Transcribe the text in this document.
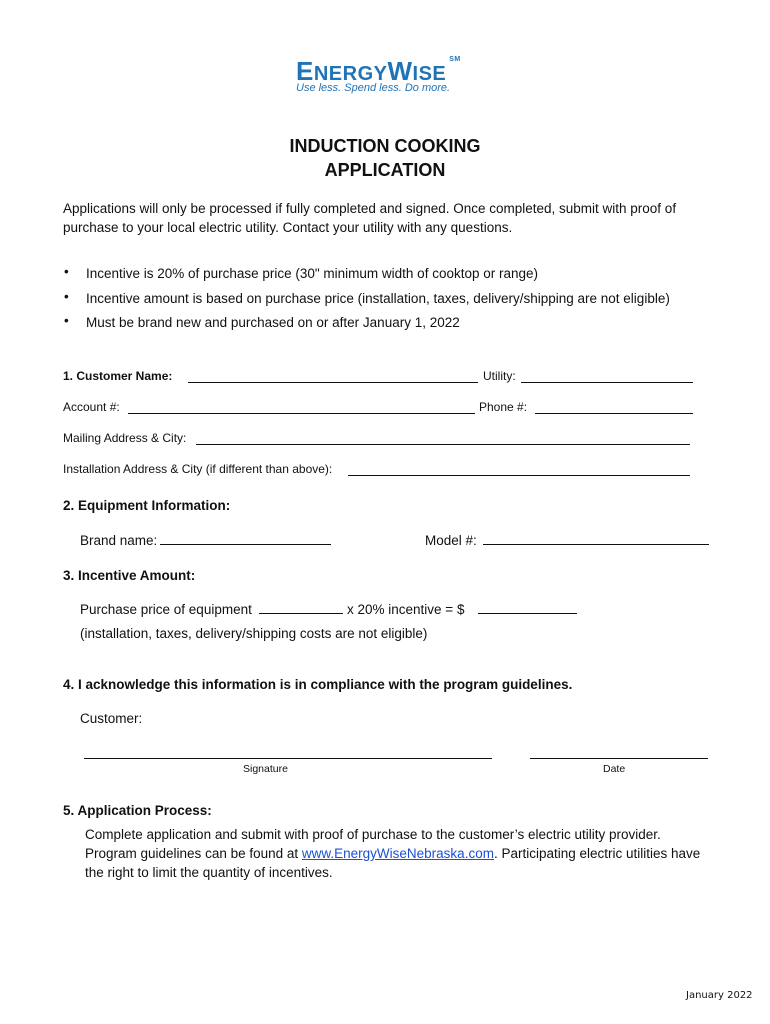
ENERGYWISE℠
Use less. Spend less. Do more.
INDUCTION COOKING
APPLICATION
Applications will only be processed if fully completed and signed. Once completed, submit with proof of
purchase to your local electric utility. Contact your utility with any questions.
• Incentive is 20% of purchase price (30" minimum width of cooktop or range)
• Incentive amount is based on purchase price (installation, taxes, delivery/shipping are not eligible)
• Must be brand new and purchased on or after January 1, 2022
1. Customer Name:	Utility:
Account #:	Phone #:
Mailing Address & City:
Installation Address & City (if different than above):
2. Equipment Information:
Brand name:	Model #:
3. Incentive Amount:
Purchase price of equipment	x 20% incentive = $
(installation, taxes, delivery/shipping costs are not eligible)
4. I acknowledge this information is in compliance with the program guidelines.
Customer:
Signature	Date
5. Application Process:
Complete application and submit with proof of purchase to the customer’s electric utility provider.
Program guidelines can be found at www.EnergyWiseNebraska.com. Participating electric utilities have
the right to limit the quantity of incentives.
January 2022
